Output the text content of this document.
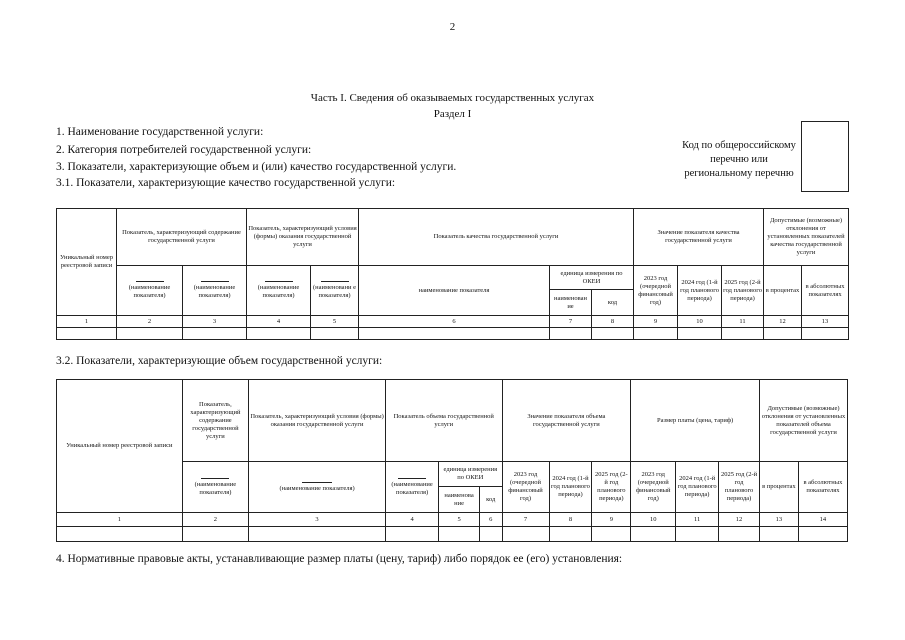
2
Часть I. Сведения об оказываемых государственных услугах
Раздел I
1. Наименование государственной услуги:
2. Категория потребителей государственной услуги:
3. Показатели, характеризующие объем и (или) качество государственной услуги.
3.1. Показатели, характеризующие качество государственной услуги:
Код по общероссийскому перечню или региональному перечню
Уникальный номер реестровой записи	Показатель, характеризующий содержание государственной услуги		Показатель, характеризующий условия (формы) оказания государственной услуги		Показатель качества государственной услуги			Значение показателя качества государственной услуги			Допустимые (возможные) отклонения от установленных показателей качества государственной услуги	

(наименование показателя)	(наименование показателя)	(наименование показателя)	(наименовани е показателя)	наименование показателя	единица измерения по ОКЕИ		2023 год (очередной финансовый год)	2024 год (1-й год планового периода)	2025 год (2-й год планового периода)	в процентах	в абсолютных показателях
						наименован ие	код					
1	2	3	4	5	6	7	8	9	10	11	12	13

3.2. Показатели, характеризующие объем государственной услуги:
Уникальный номер реестровой записи	Показатель, характеризующий содержание государственной услуги	Показатель, характеризующий условия (формы) оказания государственной услуги	Показатель объема государственной услуги			Значение показателя объема государственной услуги			Размер платы (цена, тариф)			Допустимые (возможные) отклонения от установленных показателей объема государственной услуги	

(наименование показателя)	(наименование показателя)	(наименование показателя)	единица измерения по ОКЕИ		2023 год (очередной финансовый год)	2024 год (1-й год планового периода)	2025 год (2-й год планового периода)	2023 год (очередной финансовый год)	2024 год (1-й год планового периода)	2025 год (2-й год планового периода)	в процентах	в абсолютных показателях
				наименова ние	код								
1	2	3	4	5	6	7	8	9	10	11	12	13	14

4. Нормативные правовые акты, устанавливающие размер платы (цену, тариф) либо порядок ее (его) установления:
